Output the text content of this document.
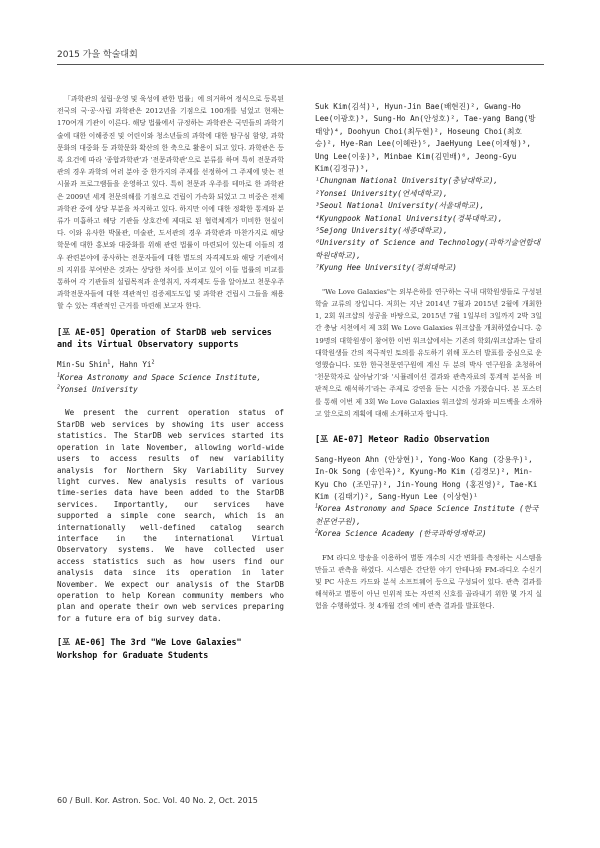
2015 가을 학술대회

「과학관의 설립·운영 및 육성에 관한 법률」에 의거하여 정식으로 등록된 전국의 국·공·사립 과학관은 2012년을 기점으로 100개를 넘었고 현재는 170여개 기관이 이른다. 해당 법률에서 규정하는 과학관은 국민들의 과학기술에 대한 이해증진 및 어린이와 청소년들의 과학에 대한 탐구심 함양, 과학문화의 대중화 등 과학문화 확산의 한 축으로 활용이 되고 있다. 과학관은 등록 요건에 따라 '종합과학관'과 '전문과학관'으로 분류를 하며 특히 전문과학관의 경우 과학의 여러 분야 중 한가지의 주제를 선정하여 그 주제에 맞는 전시물과 프로그램들을 운영하고 있다. 특히 천문과 우주를 테마로 한 과학관은 2009년 세계 천문의해를 기점으로 건립이 가속화 되었고 그 비중은 전체 과학관 중에 상당 부분을 차지하고 있다. 하지만 이에 대한 정확한 통계와 분류가 미흡하고 해당 기관들 상호간에 제대로 된 협력체계가 미비한 현실이다. 이와 유사한 박물관, 미술관, 도서관의 경우 과학관과 마찬가지로 해당 학문에 대한 홍보와 대중화를 위해 관련 법률이 마련되어 있는데 이들의 경우 관련분야에 종사하는 전문자들에 대한 별도의 자격제도와 해당 기관에서의 지위를 부여받은 것과는 상당한 차이를 보이고 있어 이들 법률의 비교를 통하여 각 기관들의 설립목적과 운영취지, 자격제도 등을 알아보고 천문우주 과학전문자들에 대한 객관적인 검증제도도입 및 과학관 건립시 그들을 채용할 수 있는 객관적인 근거를 마련해 보고자 한다.

[포 AE-05] Operation of StarDB web services and its Virtual Observatory supports

Min-Su Shin$^1$, Hahn Yi$^2$

$^1$Korea Astronomy and Space Science Institute,

$^2$Yonsei University

We present the current operation status of StarDB web services by showing its user access statistics. The StarDB web services started its operation in late November, allowing world-wide users to access results of new variability analysis for Northern Sky Variability Survey light curves. New analysis results of various time-series data have been added to the StarDB services. Importantly, our services have supported a simple cone search, which is an internationally well-defined catalog search interface in the international Virtual Observatory systems. We have collected user access statistics such as how users find our analysis data since its operation in later November. We expect our analysis of the StarDB operation to help Korean community members who plan and operate their own web services preparing for a future era of big survey data.

[포 AE-06] The 3rd "We Love Galaxies" Workshop for Graduate Students

Suk Kim(김석)¹, Hyun-Jin Bae(배현진)², Gwang-Ho Lee(이광호)³, Sung-Ho An(안성호)², Tae-yang Bang(방태양)⁴, Doohyun Choi(최두현)², Hoseung Choi(최호승)², Hye-Ran Lee(이혜란)⁵, JaeHyung Lee(이재형)³, Ung Lee(이웅)³, Minbae Kim(김민배)⁶, Jeong-Gyu Kim(김정규)³,

¹Chungnam National University(충남대학교),

²Yonsei University(연세대학교),

³Seoul National University(서울대학교),

⁴Kyungpook National University(경북대학교),

⁵Sejong University(세종대학교),

⁶University of Science and Technology(과학기술연합대학원대학교),

⁷Kyung Hee University(경희대학교)

"We Love Galaxies"는 외부은하를 연구하는 국내 대학원생들로 구성된 학술 교류의 장입니다. 저희는 지난 2014년 7월과 2015년 2월에 개최한 1, 2회 워크샵의 성공을 바탕으로, 2015년 7월 1일부터 3일까지 2박 3일간 충남 서천에서 제 3회 We Love Galaxies 워크샵을 개최하였습니다. 총 19명의 대학원생이 참여한 이번 워크샵에서는 기존의 학회/워크샵과는 달리 대학원생들 간의 적극적인 토의를 유도하기 위해 포스터 발표를 중심으로 운영했습니다. 또한 한국천문연구원에 계신 두 분의 박사 연구원을 초청하여 '천문학자로 살아남기'와 '시뮬레이션 결과와 관측자료의 통계적 분석을 비판적으로 해석하기'라는 주제로 강연을 듣는 시간을 가졌습니다. 본 포스터를 통해 이번 제 3회 We Love Galaxies 워크샵의 성과와 피드백을 소개하고 앞으로의 계획에 대해 소개하고자 합니다.

[포 AE-07] Meteor Radio Observation

Sang-Hyeon Ahn (안상현)¹, Yong-Woo Kang (강용우)¹, In-Ok Song (송인옥)², Kyung-Mo Kim (김경모)², Min-Kyu Cho (조민규)², Jin-Young Hong (홍진영)², Tae-Ki Kim (김태기)², Sang-Hyun Lee (이상현)¹

$^1$Korea Astronomy and Space Science Institute (한국천문연구원),

$^2$Korea Science Academy (한국과학영재학교)

FM 라디오 방송을 이용하여 별똥 개수의 시간 변화를 측정하는 시스템을 만들고 관측을 하였다. 시스템은 간단한 야기 안테나와 FM-라디오 수신기 및 PC 사운드 카드와 분석 소프트웨어 등으로 구성되어 있다. 관측 결과를 해석하고 별똥이 아닌 인위적 또는 자연적 신호를 골라내기 위한 몇 가지 실험을 수행하였다. 첫 4개월 간의 예비 관측 결과를 발표한다.

60 / Bull. Kor. Astron. Soc. Vol. 40 No. 2, Oct. 2015
